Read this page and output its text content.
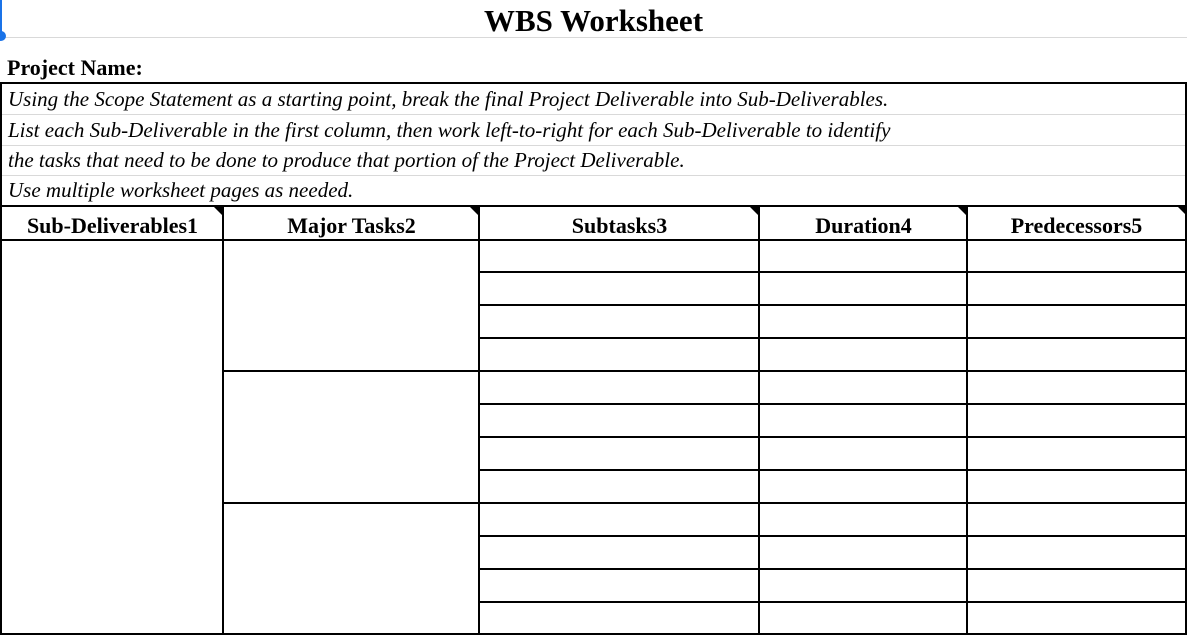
WBS Worksheet
Project Name:
Using the Scope Statement as a starting point, break the final Project Deliverable into Sub-Deliverables.
List each Sub-Deliverable in the first column, then work left-to-right for each Sub-Deliverable to identify
the tasks that need to be done to produce that portion of the Project Deliverable.
Use multiple worksheet pages as needed.
Sub-Deliverables1	Major Tasks2	Subtasks3	Duration4	Predecessors5
